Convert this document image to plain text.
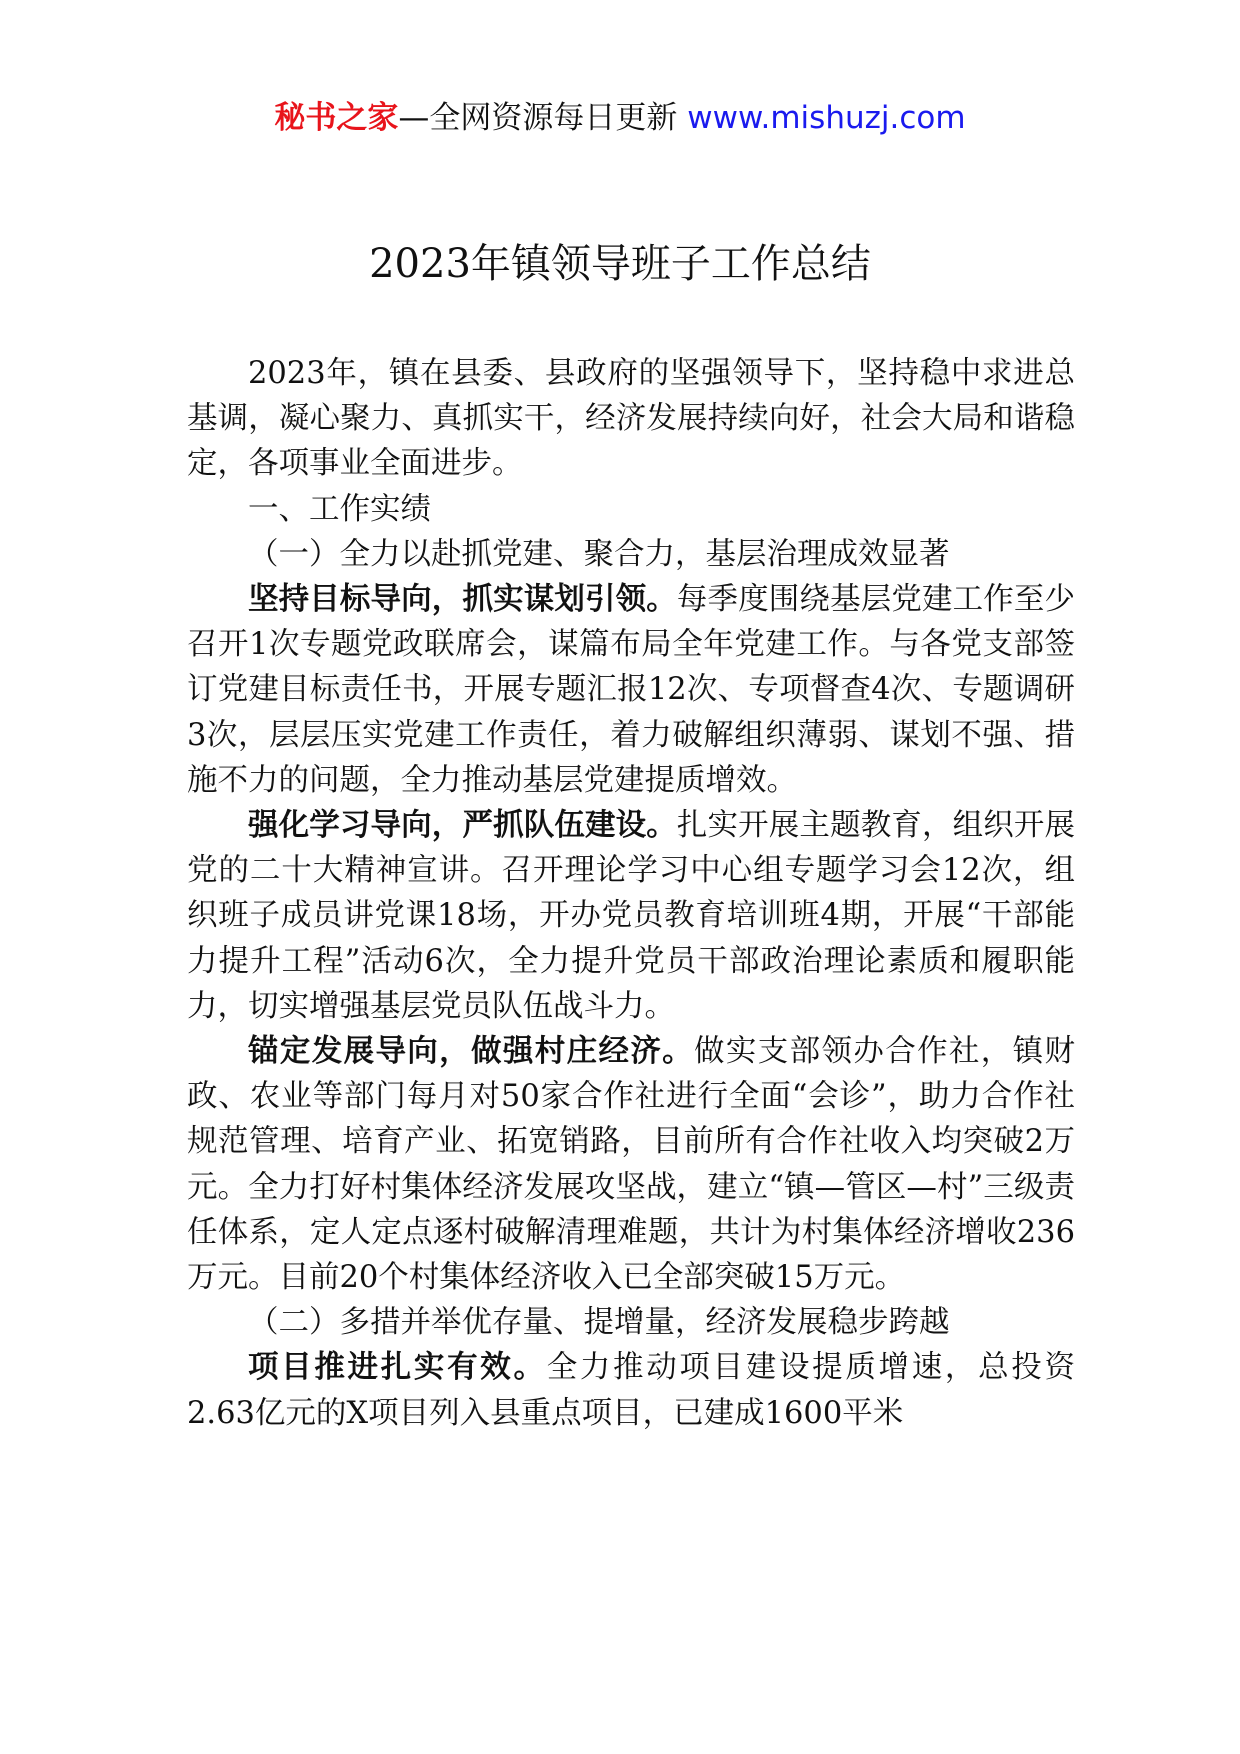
秘书之家—全网资源每日更新 www.mishuzj.com
2023年镇领导班子工作总结

2023年，镇在县委、县政府的坚强领导下，坚持稳中求进总基调，凝心聚力、真抓实干，经济发展持续向好，社会大局和谐稳定，各项事业全面进步。

一、工作实绩

（一）全力以赴抓党建、聚合力，基层治理成效显著

坚持目标导向，抓实谋划引领。每季度围绕基层党建工作至少召开1次专题党政联席会，谋篇布局全年党建工作。与各党支部签订党建目标责任书，开展专题汇报12次、专项督查4次、专题调研3次，层层压实党建工作责任，着力破解组织薄弱、谋划不强、措施不力的问题，全力推动基层党建提质增效。

强化学习导向，严抓队伍建设。扎实开展主题教育，组织开展党的二十大精神宣讲。召开理论学习中心组专题学习会12次，组织班子成员讲党课18场，开办党员教育培训班4期，开展“干部能力提升工程”活动6次，全力提升党员干部政治理论素质和履职能力，切实增强基层党员队伍战斗力。

锚定发展导向，做强村庄经济。做实支部领办合作社，镇财政、农业等部门每月对50家合作社进行全面“会诊”，助力合作社规范管理、培育产业、拓宽销路，目前所有合作社收入均突破2万元。全力打好村集体经济发展攻坚战，建立“镇—管区—村”三级责任体系，定人定点逐村破解清理难题，共计为村集体经济增收236万元。目前20个村集体经济收入已全部突破15万元。

（二）多措并举优存量、提增量，经济发展稳步跨越

项目推进扎实有效。全力推动项目建设提质增速，总投资2.63亿元的X项目列入县重点项目，已建成1600平米
